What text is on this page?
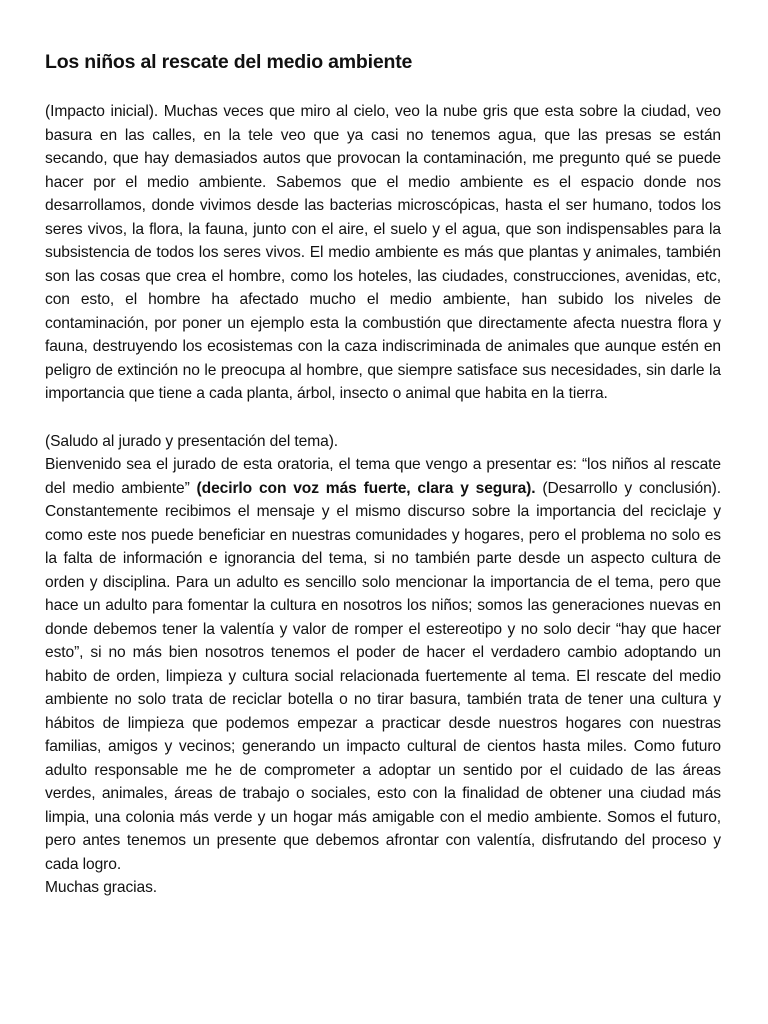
Los niños al rescate del medio ambiente

(Impacto inicial). Muchas veces que miro al cielo, veo la nube gris que esta sobre la ciudad, veo basura en las calles, en la tele veo que ya casi no tenemos agua, que las presas se están secando, que hay demasiados autos que provocan la contaminación, me pregunto qué se puede hacer por el medio ambiente. Sabemos que el medio ambiente es el espacio donde nos desarrollamos, donde vivimos desde las bacterias microscópicas, hasta el ser humano, todos los seres vivos, la flora, la fauna, junto con el aire, el suelo y el agua, que son indispensables para la subsistencia de todos los seres vivos. El medio ambiente es más que plantas y animales, también son las cosas que crea el hombre, como los hoteles, las ciudades, construcciones, avenidas, etc, con esto, el hombre ha afectado mucho el medio ambiente, han subido los niveles de contaminación, por poner un ejemplo esta la combustión que directamente afecta nuestra flora y fauna, destruyendo los ecosistemas con la caza indiscriminada de animales que aunque estén en peligro de extinción no le preocupa al hombre, que siempre satisface sus necesidades, sin darle la importancia que tiene a cada planta, árbol, insecto o animal que habita en la tierra.

(Saludo al jurado y presentación del tema).

Bienvenido sea el jurado de esta oratoria, el tema que vengo a presentar es: “los niños al rescate del medio ambiente” (decirlo con voz más fuerte, clara y segura). (Desarrollo y conclusión). Constantemente recibimos el mensaje y el mismo discurso sobre la importancia del reciclaje y como este nos puede beneficiar en nuestras comunidades y hogares, pero el problema no solo es la falta de información e ignorancia del tema, si no también parte desde un aspecto cultura de orden y disciplina. Para un adulto es sencillo solo mencionar la importancia de el tema, pero que hace un adulto para fomentar la cultura en nosotros los niños; somos las generaciones nuevas en donde debemos tener la valentía y valor de romper el estereotipo y no solo decir “hay que hacer esto”, si no más bien nosotros tenemos el poder de hacer el verdadero cambio adoptando un habito de orden, limpieza y cultura social relacionada fuertemente al tema. El rescate del medio ambiente no solo trata de reciclar botella o no tirar basura, también trata de tener una cultura y hábitos de limpieza que podemos empezar a practicar desde nuestros hogares con nuestras familias, amigos y vecinos; generando un impacto cultural de cientos hasta miles. Como futuro adulto responsable me he de comprometer a adoptar un sentido por el cuidado de las áreas verdes, animales, áreas de trabajo o sociales, esto con la finalidad de obtener una ciudad más limpia, una colonia más verde y un hogar más amigable con el medio ambiente. Somos el futuro, pero antes tenemos un presente que debemos afrontar con valentía, disfrutando del proceso y cada logro.

Muchas gracias.
